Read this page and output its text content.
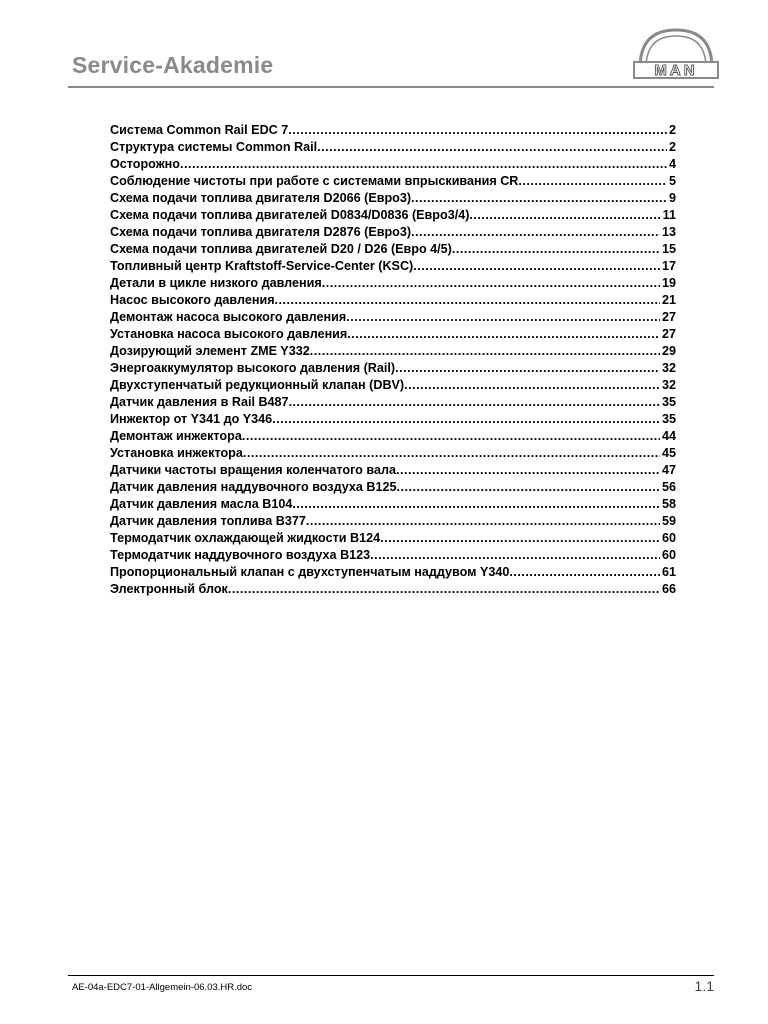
Service-Akademie	MAN
Система Common Rail EDC 7 .....	2
Структура системы Common Rail .....	2
Осторожно .....	4
Соблюдение чистоты при работе с системами впрыскивания CR .....	5
Схема подачи топлива двигателя D2066 (Евро3) .....	9
Схема подачи топлива двигателей D0834/D0836 (Евро3/4) .....	11
Схема подачи топлива двигателя D2876 (Евро3) .....	13
Схема подачи топлива двигателей D20 / D26 (Евро 4/5) .....	15
Топливный центр Kraftstoff-Service-Center (KSC) .....	17
Детали в цикле низкого давления .....	19
Насос высокого давления .....	21
Демонтаж насоса высокого давления .....	27
Установка насоса высокого давления .....	27
Дозирующий элемент ZME Y332 .....	29
Энергоаккумулятор высокого давления (Rail) .....	32
Двухступенчатый редукционный клапан (DBV) .....	32
Датчик давления в Rail B487 .....	35
Инжектор от Y341 до Y346 .....	35
Демонтаж инжектора .....	44
Установка инжектора .....	45
Датчики частоты вращения коленчатого вала .....	47
Датчик давления наддувочного воздуха B125 .....	56
Датчик давления масла B104 .....	58
Датчик давления топлива B377 .....	59
Термодатчик охлаждающей жидкости B124 .....	60
Термодатчик наддувочного воздуха B123 .....	60
Пропорциональный клапан с двухступенчатым наддувом Y340 .....	61
Электронный блок .....	66
AE-04a-EDC7-01-Allgemein-06.03.HR.doc	1.1
